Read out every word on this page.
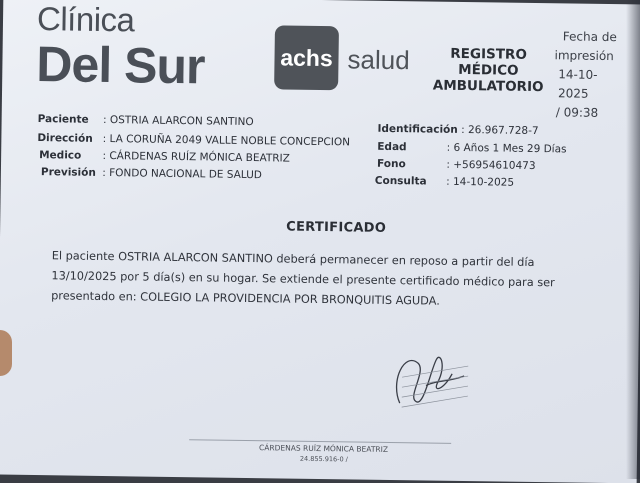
Clínica
Del Sur	achs salud	REGISTRO MÉDICO
AMBULATORIO
Fecha de
impresión
14-10-2025
/ 09:38
Paciente : OSTRIA ALARCON SANTINO
Dirección : LA CORUÑA 2049 VALLE NOBLE CONCEPCION
Medico : CÁRDENAS RUÍZ MÓNICA BEATRIZ
Previsión : FONDO NACIONAL DE SALUD
Identificación : 26.967.728-7
Edad	: 6 Años 1 Mes 29 Días
Fono	: +56954610473
Consulta : 14-10-2025
CERTIFICADO
El paciente OSTRIA ALARCON SANTINO deberá permanecer en reposo a partir del día
13/10/2025 por 5 día(s) en su hogar. Se extiende el presente certificado médico para ser
presentado en: COLEGIO LA PROVIDENCIA POR BRONQUITIS AGUDA.
CÁRDENAS RUÍZ MÓNICA BEATRIZ
24.855.916-0 /
